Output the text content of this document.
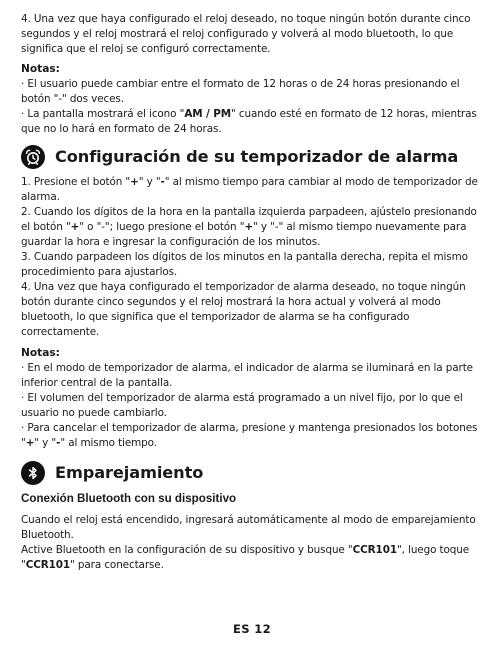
4. Una vez que haya configurado el reloj deseado, no toque ningún botón durante cinco segundos y el reloj mostrará el reloj configurado y volverá al modo bluetooth, lo que significa que el reloj se configuró correctamente.

Notas:

· El usuario puede cambiar entre el formato de 12 horas o de 24 horas presionando el botón "-" dos veces.

· La pantalla mostrará el icono "AM / PM" cuando esté en formato de 12 horas, mientras que no lo hará en formato de 24 horas.

Configuración de su temporizador de alarma

1. Presione el botón "+" y "-" al mismo tiempo para cambiar al modo de temporizador de alarma.

2. Cuando los dígitos de la hora en la pantalla izquierda parpadeen, ajústelo presionando el botón "+" o "-"; luego presione el botón "+" y "-" al mismo tiempo nuevamente para guardar la hora e ingresar la configuración de los minutos.

3. Cuando parpadeen los dígitos de los minutos en la pantalla derecha, repita el mismo procedimiento para ajustarlos.

4. Una vez que haya configurado el temporizador de alarma deseado, no toque ningún botón durante cinco segundos y el reloj mostrará la hora actual y volverá al modo bluetooth, lo que significa que el temporizador de alarma se ha configurado correctamente.

Notas:

· En el modo de temporizador de alarma, el indicador de alarma se iluminará en la parte inferior central de la pantalla.

· El volumen del temporizador de alarma está programado a un nivel fijo, por lo que el usuario no puede cambiarlo.

· Para cancelar el temporizador de alarma, presione y mantenga presionados los botones "+" y "-" al mismo tiempo.

Emparejamiento
Conexión Bluetooth con su dispositivo

Cuando el reloj está encendido, ingresará automáticamente al modo de emparejamiento Bluetooth.

Active Bluetooth en la configuración de su dispositivo y busque "CCR101", luego toque "CCR101" para conectarse.

ES 12
